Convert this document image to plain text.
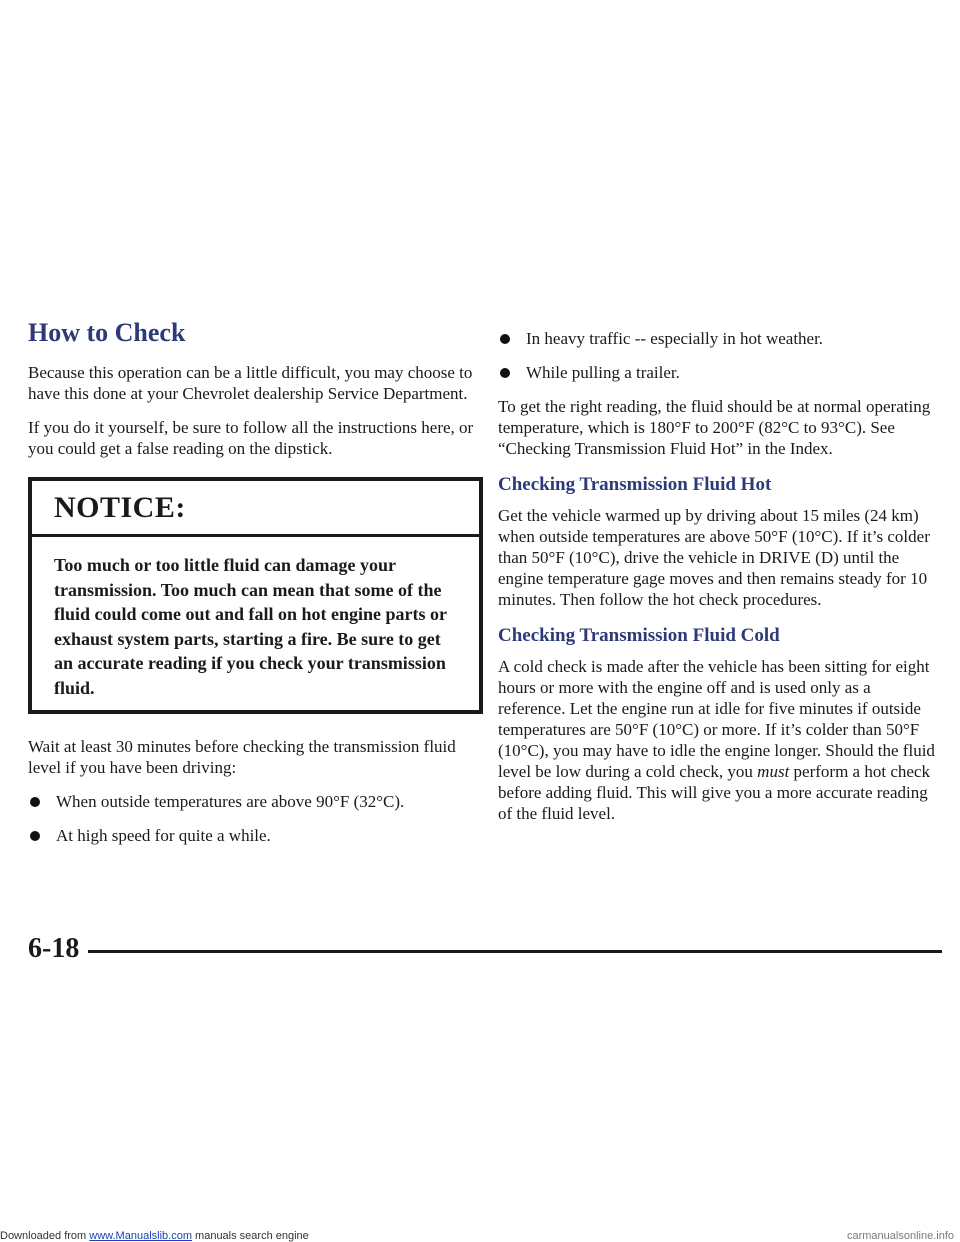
How to Check

Because this operation can be a little difficult, you may choose to have this done at your Chevrolet dealership Service Department.

If you do it yourself, be sure to follow all the instructions here, or you could get a false reading on the dipstick.

NOTICE:
Too much or too little fluid can damage your transmission. Too much can mean that some of the fluid could come out and fall on hot engine parts or exhaust system parts, starting a fire. Be sure to get an accurate reading if you check your transmission fluid.

Wait at least 30 minutes before checking the transmission fluid level if you have been driving:

When outside temperatures are above 90°F (32°C).
At high speed for quite a while.
In heavy traffic -- especially in hot weather.
While pulling a trailer.

To get the right reading, the fluid should be at normal operating temperature, which is 180°F to 200°F (82°C to 93°C). See “Checking Transmission Fluid Hot” in the Index.

Checking Transmission Fluid Hot

Get the vehicle warmed up by driving about 15 miles (24 km) when outside temperatures are above 50°F (10°C). If it’s colder than 50°F (10°C), drive the vehicle in DRIVE (D) until the engine temperature gage moves and then remains steady for 10 minutes. Then follow the hot check procedures.

Checking Transmission Fluid Cold

A cold check is made after the vehicle has been sitting for eight hours or more with the engine off and is used only as a reference. Let the engine run at idle for five minutes if outside temperatures are 50°F (10°C) or more. If it’s colder than 50°F (10°C), you may have to idle the engine longer. Should the fluid level be low during a cold check, you must perform a hot check before adding fluid. This will give you a more accurate reading of the fluid level.

6-18
Downloaded from www.Manualslib.com manuals search engine	carmanualsonline.info
